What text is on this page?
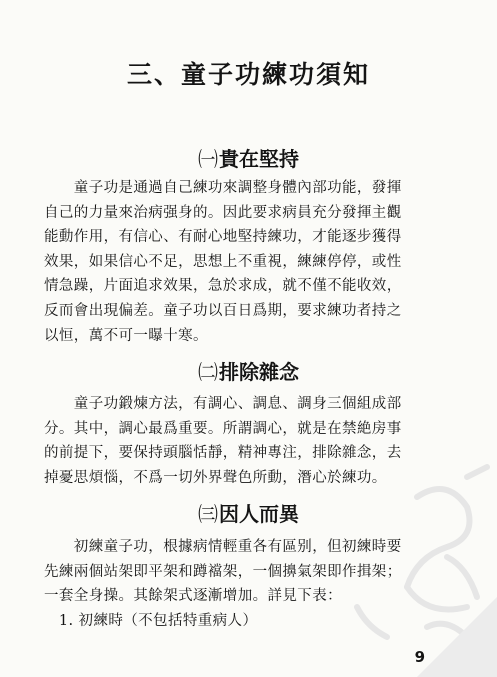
三、童子功練功須知
㈠貴在堅持
　　童子功是通過自己練功來調整身體內部功能，發揮
自己的力量來治病强身的。因此要求病員充分發揮主觀
能動作用，有信心、有耐心地堅持練功，才能逐步獲得
效果，如果信心不足，思想上不重視，練練停停，或性
情急躁，片面追求效果，急於求成，就不僅不能收效，
反而會出現偏差。童子功以百日爲期，要求練功者持之
以恒，萬不可一曝十寒。
㈡排除雜念
　　童子功鍛煉方法，有調心、調息、調身三個組成部
分。其中，調心最爲重要。所謂調心，就是在禁絶房事
的前提下，要保持頭腦恬靜，精神專注，排除雜念，去
掉憂思煩惱，不爲一切外界聲色所動，潛心於練功。
㈢因人而異
　　初練童子功，根據病情輕重各有區别，但初練時要
先練兩個站架即平架和蹲襠架，一個擤氣架即作揖架；
一套全身操。其餘架式逐漸增加。詳見下表：
　1. 初練時（不包括特重病人）
9
